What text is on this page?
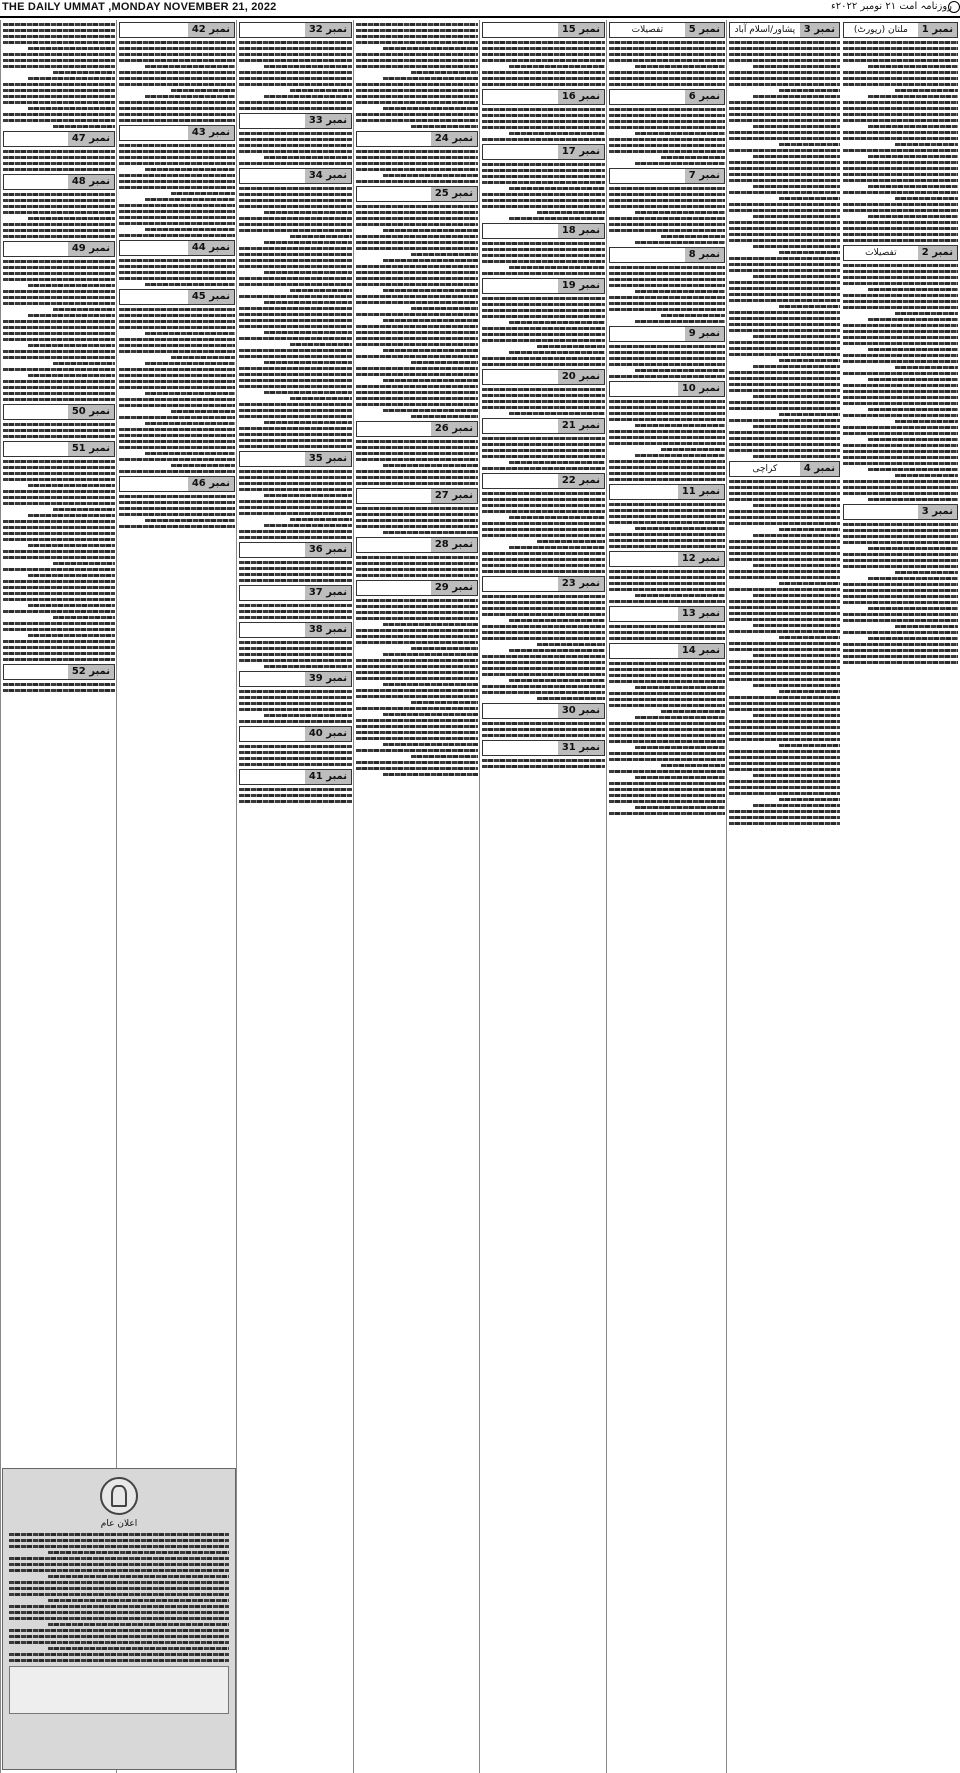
THE DAILY UMMAT ,MONDAY NOVEMBER 21, 2022	روزنامہ امت ۲۱ نومبر ۲۰۲۲ء
نمبر 1
ملتان (رپورٹ)
نمبر 2
تفصیلات
نمبر 3
نمبر 3
پشاور/اسلام آباد
نمبر 4
کراچی
نمبر 5
تفصیلات
نمبر 6
نمبر 7
نمبر 8
نمبر 9
نمبر 10
نمبر 11
نمبر 12
نمبر 13
نمبر 14
نمبر 15
نمبر 16
نمبر 17
نمبر 18
نمبر 19
نمبر 20
نمبر 21
نمبر 22
نمبر 23
نمبر 30
نمبر 31
نمبر 24
نمبر 25
نمبر 26
نمبر 27
نمبر 28
نمبر 29
نمبر 32
نمبر 33
نمبر 34
نمبر 35
نمبر 36
نمبر 37
نمبر 38
نمبر 39
نمبر 40
نمبر 41
نمبر 42
نمبر 43
نمبر 44
نمبر 45
نمبر 46
نمبر 47
نمبر 48
نمبر 49
نمبر 50
نمبر 51
نمبر 52
اعلان عام
